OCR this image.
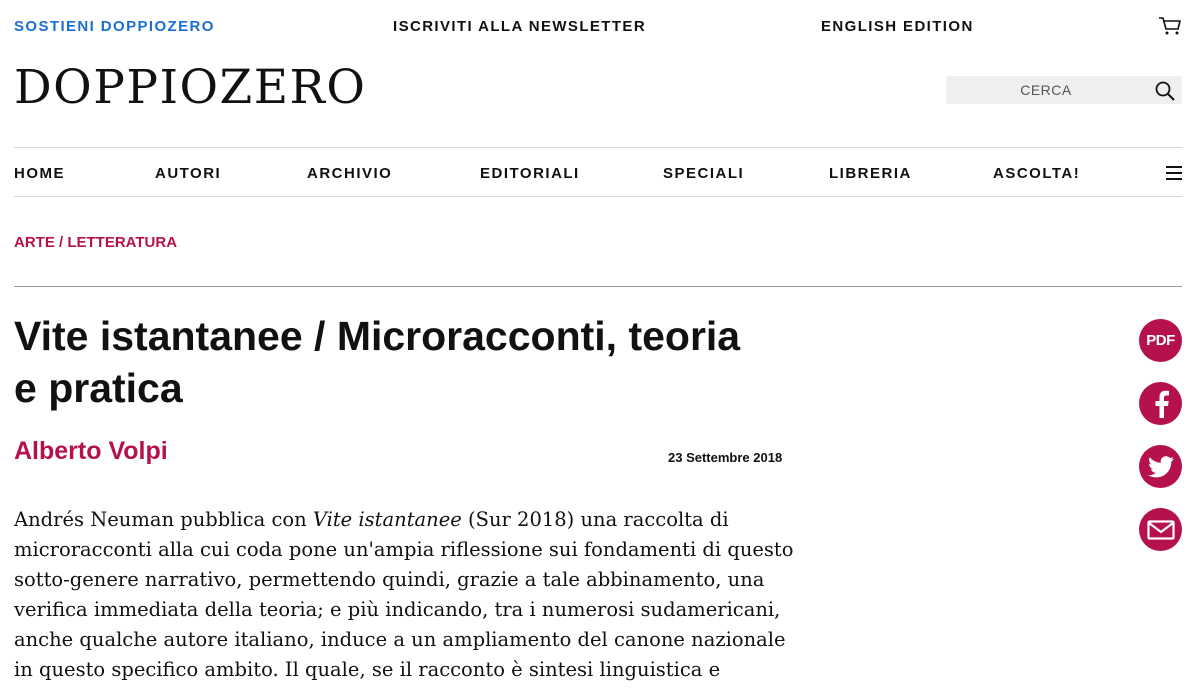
SOSTIENI DOPPIOZERO	ISCRIVITI ALLA NEWSLETTER	ENGLISH EDITION
DOPPIOZERO
CERCA
HOME	AUTORI	ARCHIVIO	EDITORIALI	SPECIALI	LIBRERIA	ASCOLTA!
ARTE / LETTERATURA
Vite istantanee / Microracconti, teoria e pratica
Alberto Volpi	23 Settembre 2018

Andrés Neuman pubblica con Vite istantanee (Sur 2018) una raccolta di microracconti alla cui coda pone un'ampia riflessione sui fondamenti di questo sotto-genere narrativo, permettendo quindi, grazie a tale abbinamento, una verifica immediata della teoria; e più indicando, tra i numerosi sudamericani, anche qualche autore italiano, induce a un ampliamento del canone nazionale in questo specifico ambito. Il quale, se il racconto è sintesi linguistica e

PDF
